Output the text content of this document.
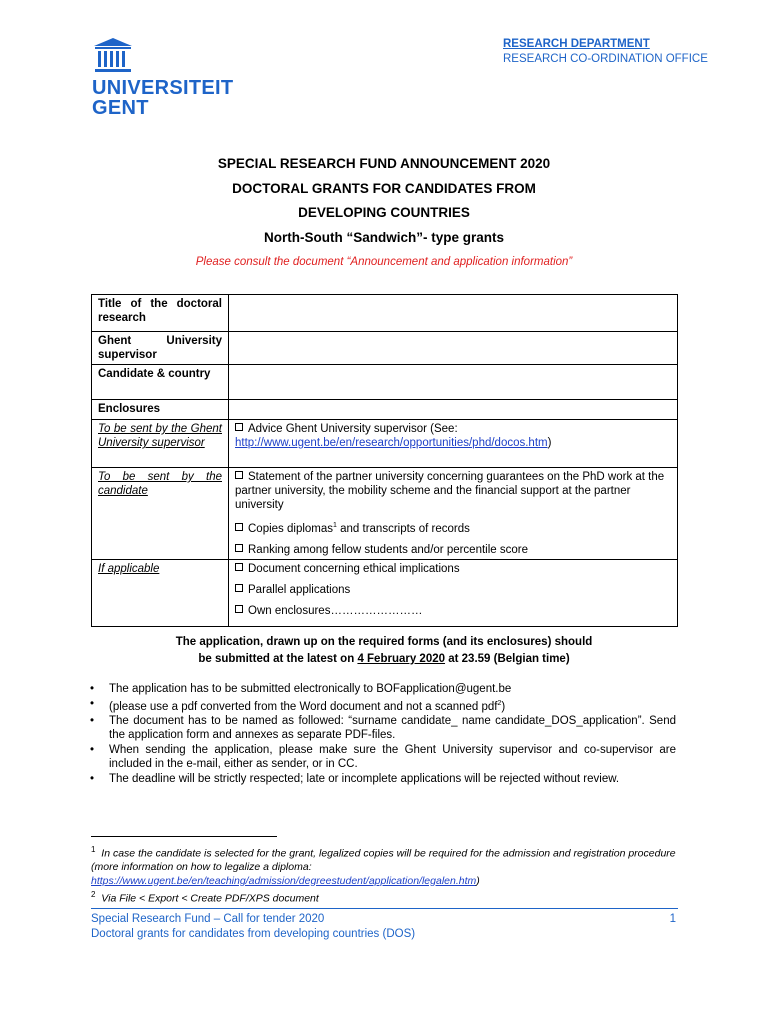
UNIVERSITEIT
GENT
RESEARCH DEPARTMENT
RESEARCH CO-ORDINATION OFFICE
SPECIAL RESEARCH FUND ANNOUNCEMENT 2020
DOCTORAL GRANTS FOR CANDIDATES FROM
DEVELOPING COUNTRIES
North-South “Sandwich”- type grants
Please consult the document “Announcement and application information”
Title of the doctoral research	
Ghent University supervisor	
Candidate & country	
Enclosures	
To be sent by the Ghent University supervisor	Advice Ghent University supervisor (See:
http://www.ugent.be/en/research/opportunities/phd/docos.htm)
To be sent by the candidate	Statement of the partner university concerning guarantees on the PhD work at the partner university, the mobility scheme and the financial support at the partner university
Copies diplomas$^1$ and transcripts of records
Ranking among fellow students and/or percentile score

If applicable	Document concerning ethical implications
Parallel applications
Own enclosures……………………
The application, drawn up on the required forms (and its enclosures) should
be submitted at the latest on 4 February 2020 at 23.59 (Belgian time)
• The application has to be submitted electronically to BOFapplication@ugent.be
• (please use a pdf converted from the Word document and not a scanned pdf$^2$)
• The document has to be named as followed: “surname candidate_ name candidate_DOS_application”. Send the application form and annexes as separate PDF-files.
• When sending the application, please make sure the Ghent University supervisor and co-supervisor are included in the e-mail, either as sender, or in CC.
• The deadline will be strictly respected; late or incomplete applications will be rejected without review.
$^1$ In case the candidate is selected for the grant, legalized copies will be required for the admission and registration procedure (more information on how to legalize a diploma: https://www.ugent.be/en/teaching/admission/degreestudent/application/legalen.htm)
$^2$ Via File < Export < Create PDF/XPS document
Special Research Fund – Call for tender 2020
Doctoral grants for candidates from developing countries (DOS)
1
